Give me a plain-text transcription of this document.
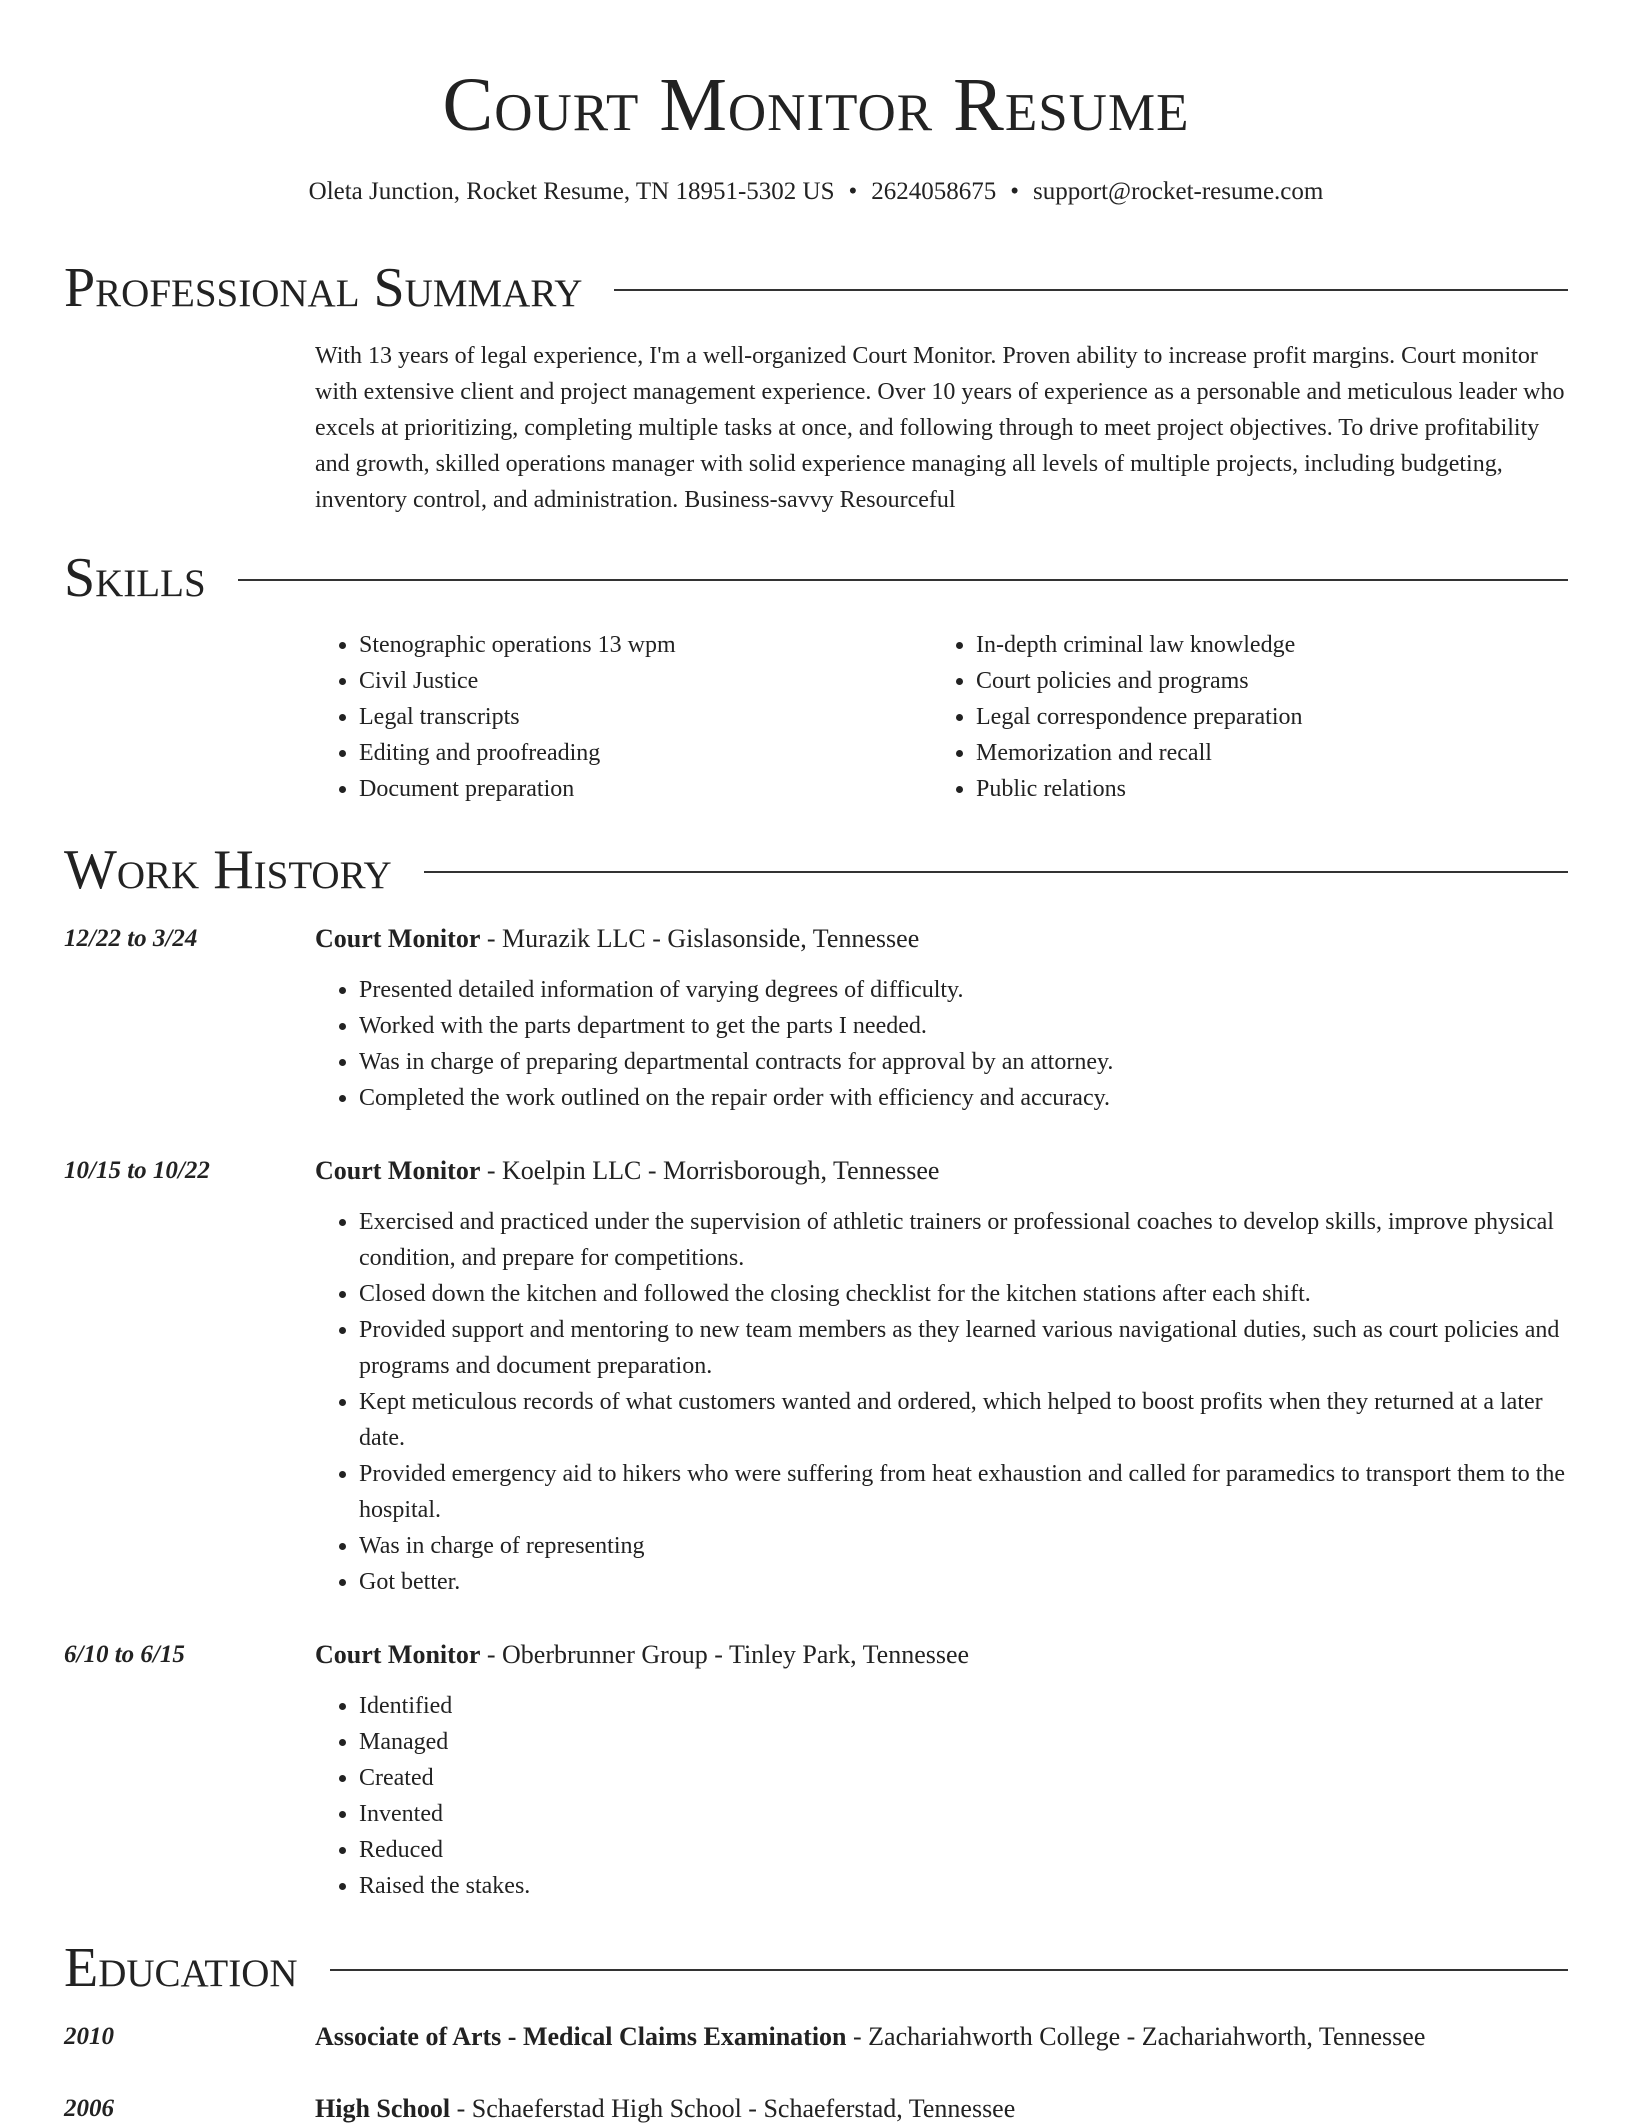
Court Monitor Resume

Oleta Junction, Rocket Resume, TN 18951-5302 US • 2624058675 • support@rocket-resume.com

Professional Summary

With 13 years of legal experience, I'm a well-organized Court Monitor. Proven ability to increase profit margins. Court monitor with extensive client and project management experience. Over 10 years of experience as a personable and meticulous leader who excels at prioritizing, completing multiple tasks at once, and following through to meet project objectives. To drive profitability and growth, skilled operations manager with solid experience managing all levels of multiple projects, including budgeting, inventory control, and administration. Business-savvy Resourceful

Skills
• Stenographic operations 13 wpm
• Civil Justice
• Legal transcripts
• Editing and proofreading
• Document preparation
• In-depth criminal law knowledge
• Court policies and programs
• Legal correspondence preparation
• Memorization and recall
• Public relations
Work History
12/22 to 3/24	Court Monitor - Murazik LLC - Gislasonside, Tennessee
• Presented detailed information of varying degrees of difficulty.
• Worked with the parts department to get the parts I needed.
• Was in charge of preparing departmental contracts for approval by an attorney.
• Completed the work outlined on the repair order with efficiency and accuracy.
10/15 to 10/22	Court Monitor - Koelpin LLC - Morrisborough, Tennessee
• Exercised and practiced under the supervision of athletic trainers or professional coaches to develop skills, improve physical condition, and prepare for competitions.
• Closed down the kitchen and followed the closing checklist for the kitchen stations after each shift.
• Provided support and mentoring to new team members as they learned various navigational duties, such as court policies and programs and document preparation.
• Kept meticulous records of what customers wanted and ordered, which helped to boost profits when they returned at a later date.
• Provided emergency aid to hikers who were suffering from heat exhaustion and called for paramedics to transport them to the hospital.
• Was in charge of representing
• Got better.
6/10 to 6/15	Court Monitor - Oberbrunner Group - Tinley Park, Tennessee
• Identified
• Managed
• Created
• Invented
• Reduced
• Raised the stakes.
Education
2010	Associate of Arts - Medical Claims Examination - Zachariahworth College - Zachariahworth, Tennessee
2006	High School - Schaeferstad High School - Schaeferstad, Tennessee
